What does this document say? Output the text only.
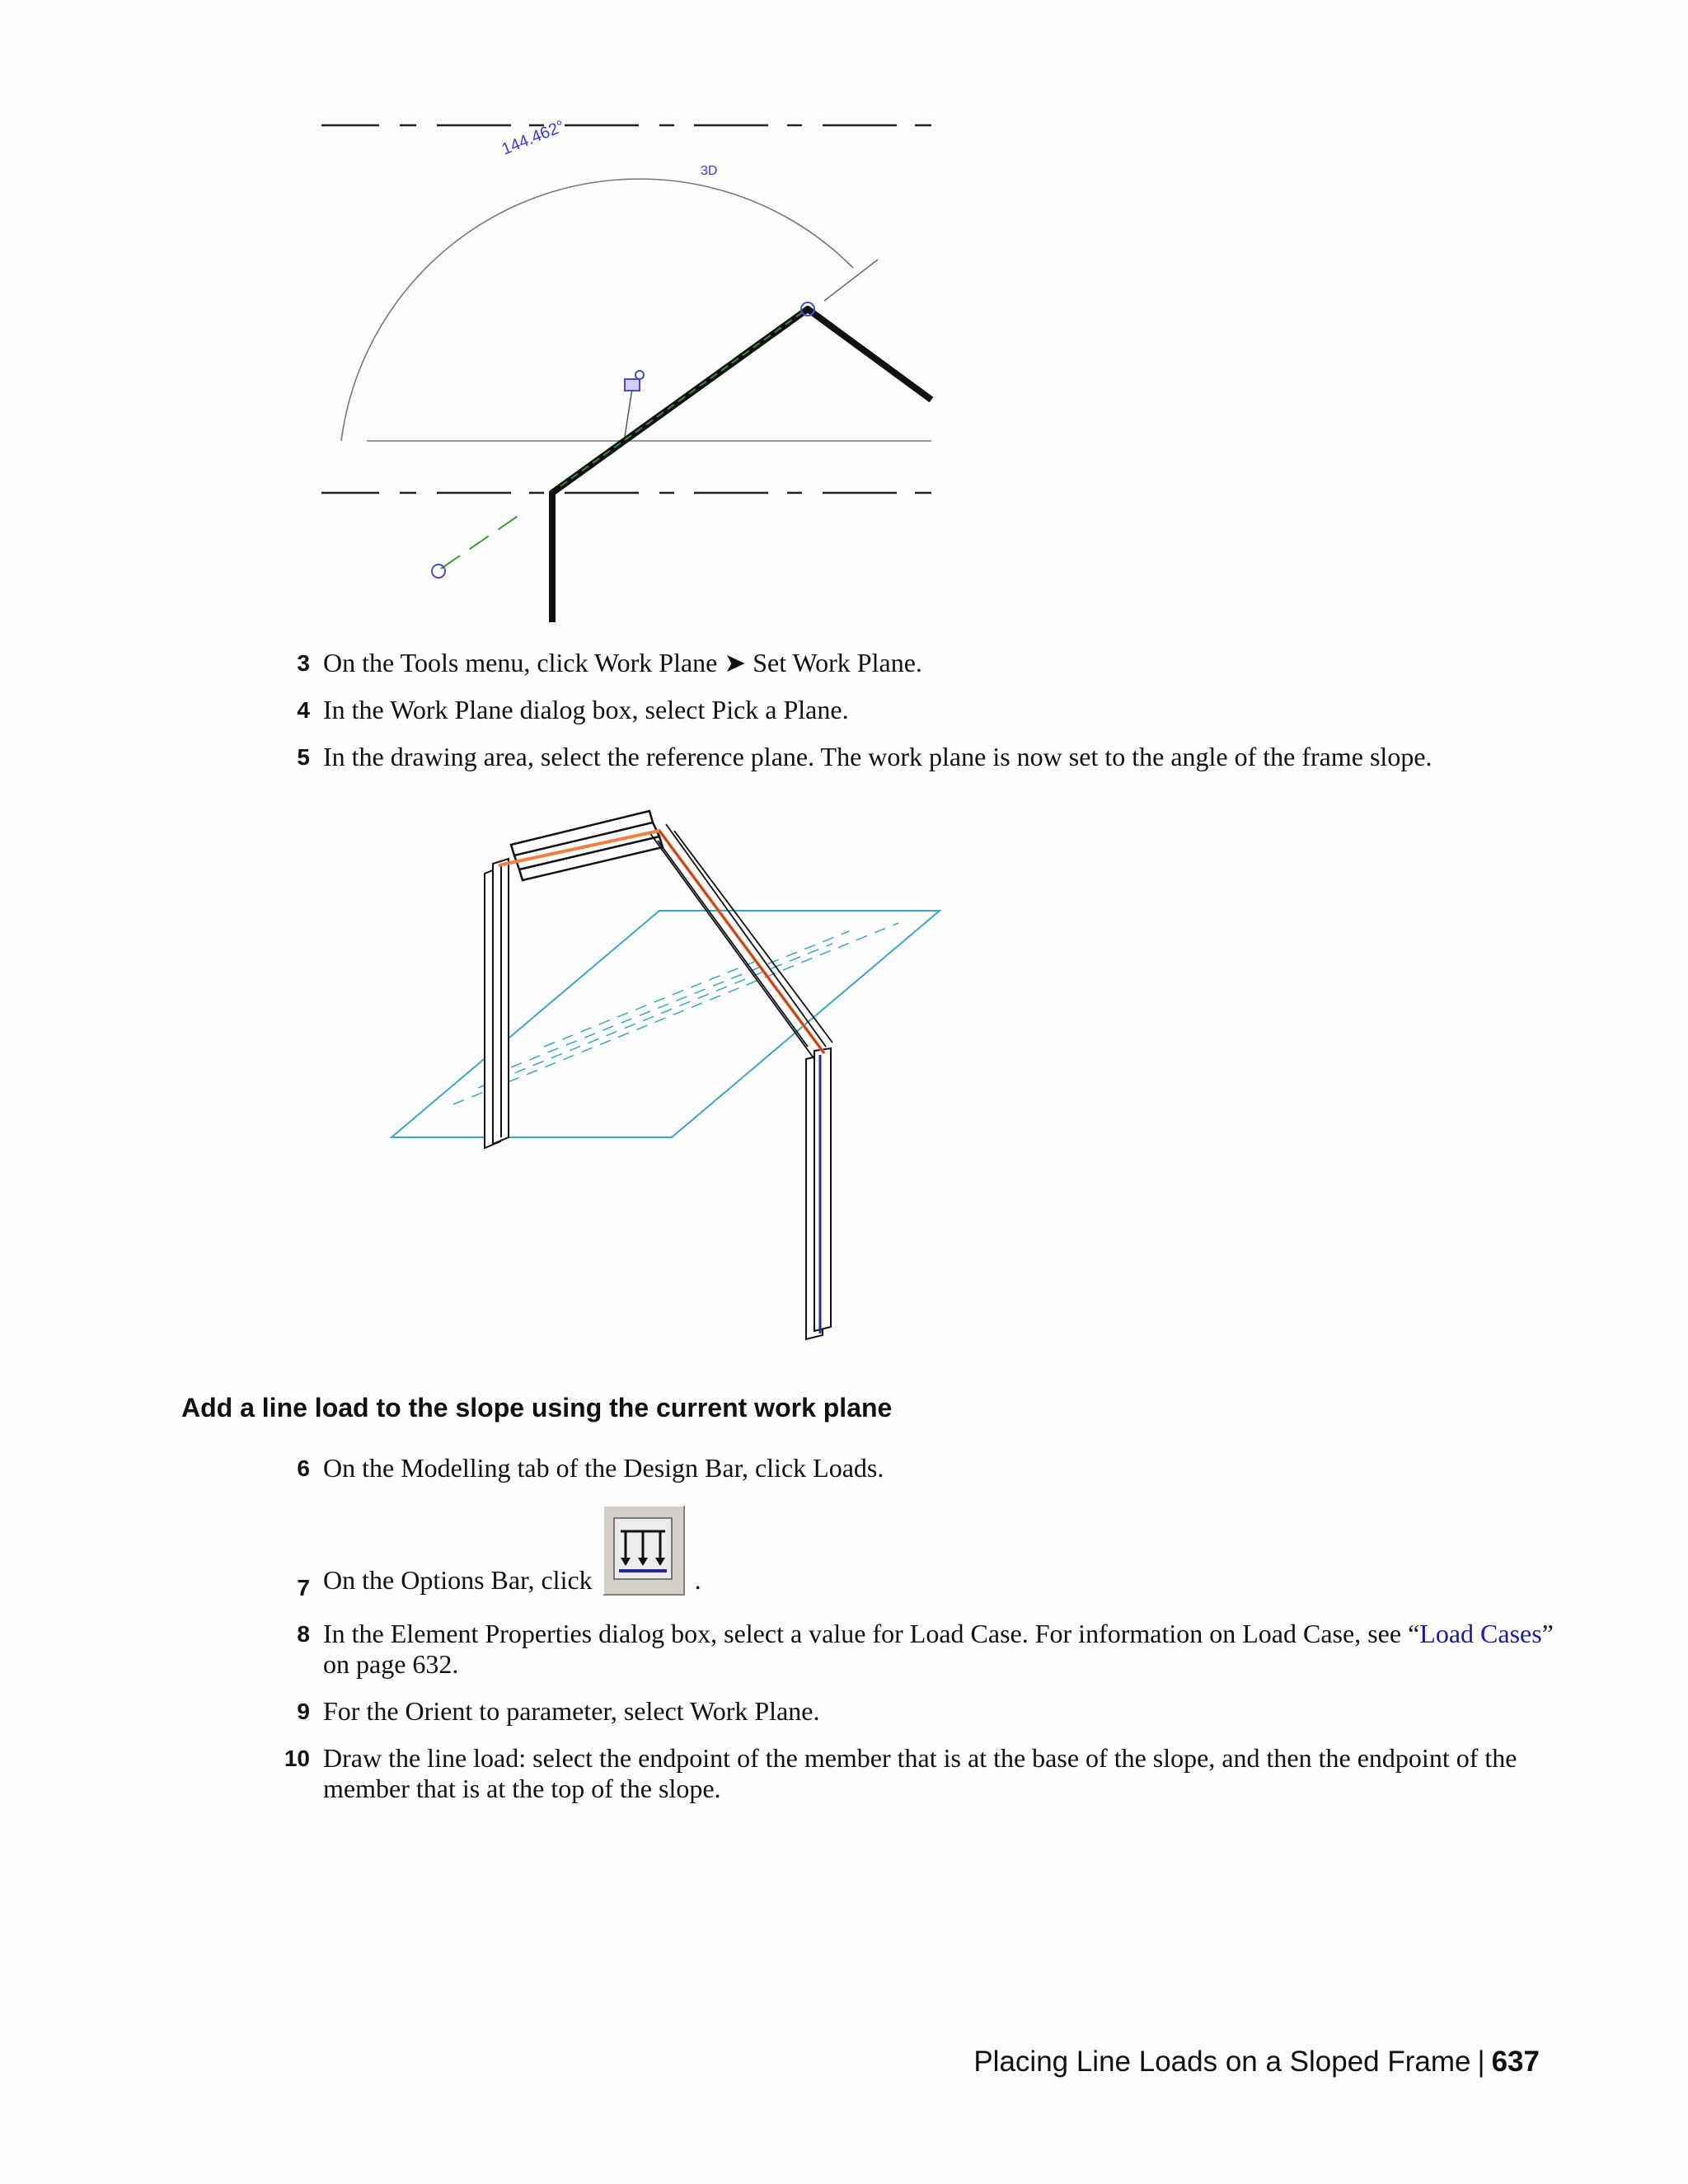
144.462°
3D
3 On the Tools menu, click Work Plane ➤ Set Work Plane.
4 In the Work Plane dialog box, select Pick a Plane.
5 In the drawing area, select the reference plane. The work plane is now set to the angle of the frame slope.
Add a line load to the slope using the current work plane
6 On the Modelling tab of the Design Bar, click Loads.
7 On the Options Bar, click	.
8 In the Element Properties dialog box, select a value for Load Case. For information on Load Case, see “Load Cases” on page 632.
9 For the Orient to parameter, select Work Plane.
10 Draw the line load: select the endpoint of the member that is at the base of the slope, and then the endpoint of the member that is at the top of the slope.
Placing Line Loads on a Sloped Frame | 637
